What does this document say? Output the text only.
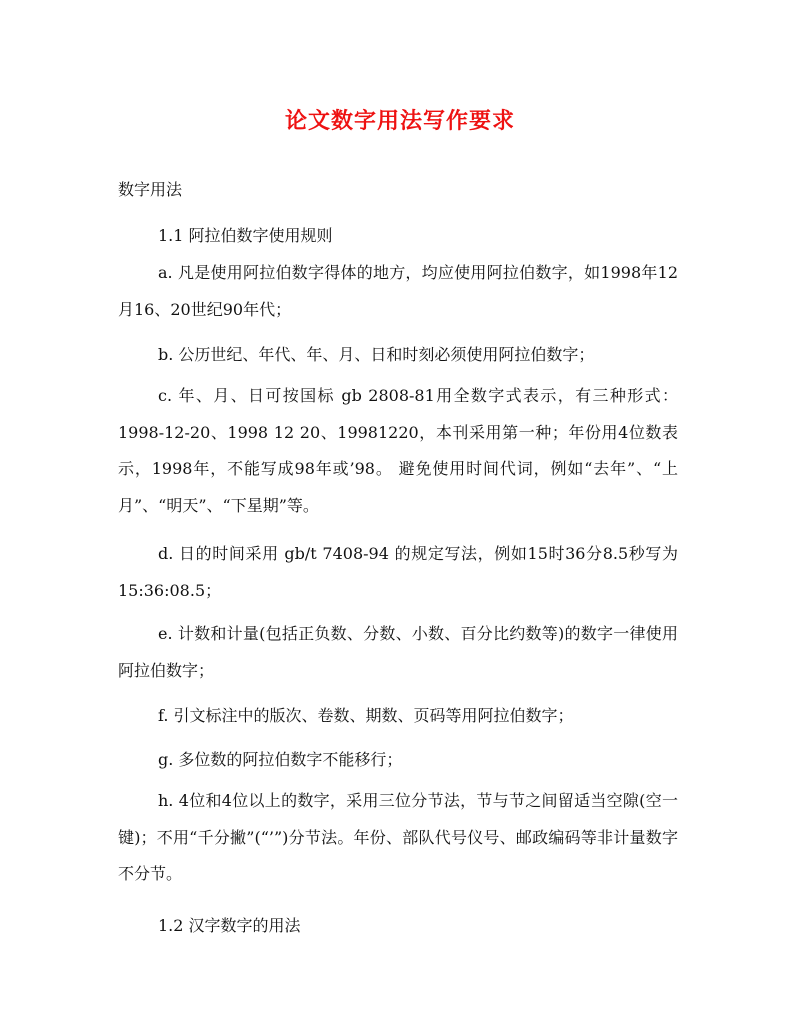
论文数字用法写作要求

数字用法

1.1 阿拉伯数字使用规则

a. 凡是使用阿拉伯数字得体的地方，均应使用阿拉伯数字，如1998年12月16、20世纪90年代；

b. 公历世纪、年代、年、月、日和时刻必须使用阿拉伯数字；

c. 年、月、日可按国标 gb 2808-81用全数字式表示，有三种形式：1998-12-20、1998 12 20、19981220，本刊采用第一种；年份用4位数表示，1998年，不能写成98年或’98。 避免使用时间代词，例如“去年”、“上月”、“明天”、“下星期”等。

d. 日的时间采用 gb/t 7408-94 的规定写法，例如15时36分8.5秒写为15:36:08.5；

e. 计数和计量(包括正负数、分数、小数、百分比约数等)的数字一律使用阿拉伯数字；

f. 引文标注中的版次、卷数、期数、页码等用阿拉伯数字；

g. 多位数的阿拉伯数字不能移行；

h. 4位和4位以上的数字，采用三位分节法，节与节之间留适当空隙(空一键)；不用“千分撇”(“’”)分节法。年份、部队代号仪号、邮政编码等非计量数字不分节。

1.2 汉字数字的用法
